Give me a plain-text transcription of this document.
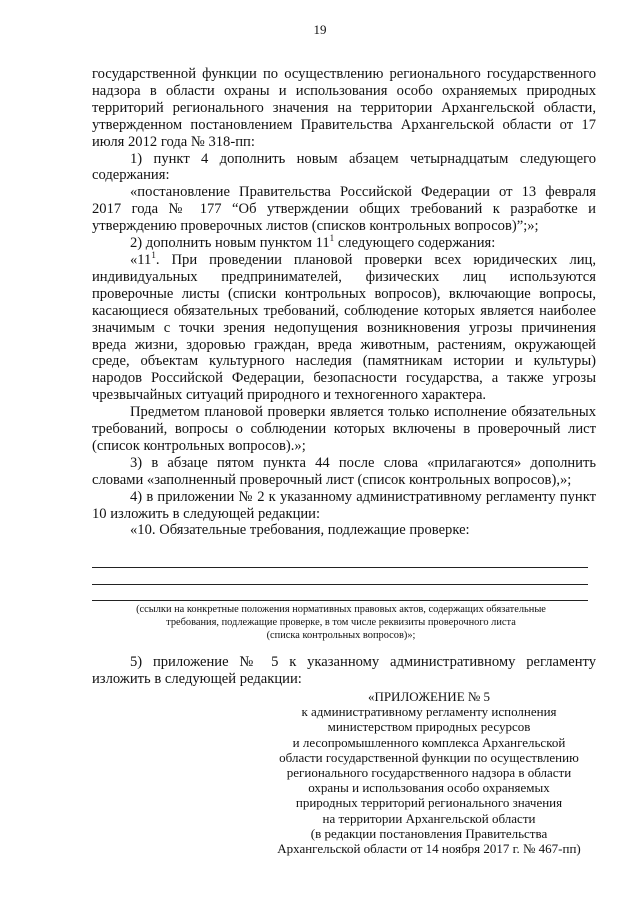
19

государственной функции по осуществлению регионального государственного надзора в области охраны и использования особо охраняемых природных территорий регионального значения на территории Архангельской области, утвержденном постановлением Правительства Архангельской области от 17 июля 2012 года № 318-пп:

1) пункт 4 дополнить новым абзацем четырнадцатым следующего содержания:

«постановление Правительства Российской Федерации от 13 февраля 2017 года № 177 “Об утверждении общих требований к разработке и утверждению проверочных листов (списков контрольных вопросов)”;»;

2) дополнить новым пунктом $11^1$ следующего содержания:

«$11^1$. При проведении плановой проверки всех юридических лиц, индивидуальных предпринимателей, физических лиц используются проверочные листы (списки контрольных вопросов), включающие вопросы, касающиеся обязательных требований, соблюдение которых является наиболее значимым с точки зрения недопущения возникновения угрозы причинения вреда жизни, здоровью граждан, вреда животным, растениям, окружающей среде, объектам культурного наследия (памятникам истории и культуры) народов Российской Федерации, безопасности государства, а также угрозы чрезвычайных ситуаций природного и техногенного характера.

Предметом плановой проверки является только исполнение обязательных требований, вопросы о соблюдении которых включены в проверочный лист (список контрольных вопросов).»;

3) в абзаце пятом пункта 44 после слова «прилагаются» дополнить словами «заполненный проверочный лист (список контрольных вопросов),»;

4) в приложении № 2 к указанному административному регламенту пункт 10 изложить в следующей редакции:

«10. Обязательные требования, подлежащие проверке:

(ссылки на конкретные положения нормативных правовых актов, содержащих обязательные
требования, подлежащие проверке, в том числе реквизиты проверочного листа
(списка контрольных вопросов)»;

5) приложение № 5 к указанному административному регламенту изложить в следующей редакции:

«ПРИЛОЖЕНИЕ № 5
к административному регламенту исполнения
министерством природных ресурсов
и лесопромышленного комплекса Архангельской
области государственной функции по осуществлению
регионального государственного надзора в области
охраны и использования особо охраняемых
природных территорий регионального значения
на территории Архангельской области
(в редакции постановления Правительства
Архангельской области от 14 ноября 2017 г. № 467-пп)
